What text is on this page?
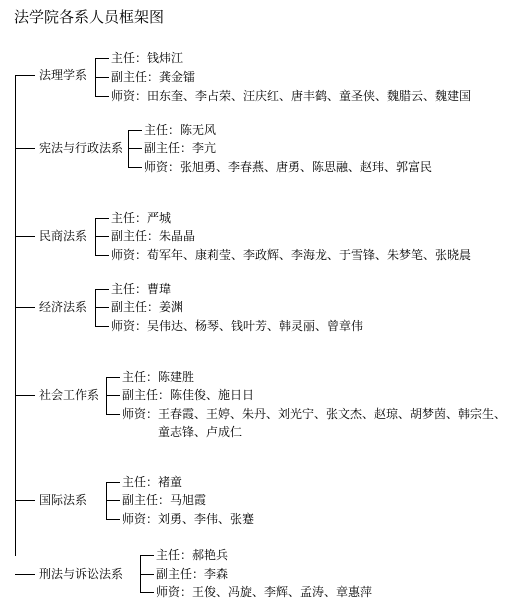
法学院各系人员框架图
法理学系
主任：钱炜江
副主任：龚金镭
师资：田东奎、李占荣、汪庆红、唐丰鹤、童圣侠、魏腊云、魏建国
宪法与行政法系
主任：陈无风
副主任：李亢
师资：张旭勇、李春燕、唐勇、陈思融、赵玮、郭富民
民商法系
主任：严城
副主任：朱晶晶
师资：荀军年、康莉莹、李政辉、李海龙、于雪锋、朱梦笔、张晓晨
经济法系
主任：曹瑋
副主任：姜渊
师资：吴伟达、杨琴、钱叶芳、韩灵丽、曾章伟
社会工作系
主任：陈建胜
副主任：陈佳俊、施日日
师资：王春霞、王婷、朱丹、刘光宁、张文杰、赵琼、胡梦茵、韩宗生、
童志锋、卢成仁
国际法系
主任：褚童
副主任：马旭霞
师资：刘勇、李伟、张蹇
刑法与诉讼法系
主任：郝艳兵
副主任：李森
师资：王俊、冯旋、李辉、孟涛、章惠萍
